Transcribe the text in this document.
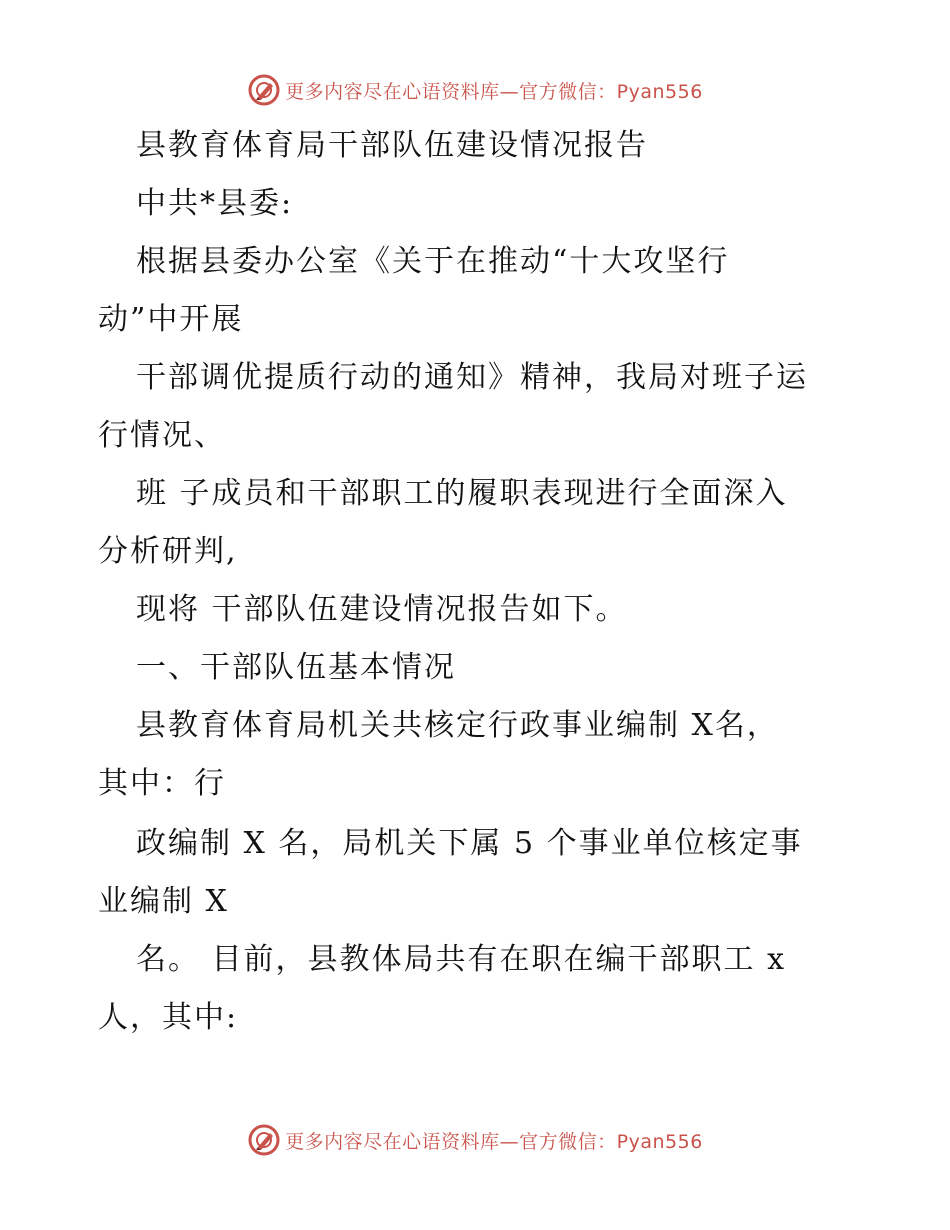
更多内容尽在心语资料库—官方微信：Pyan556
县教育体育局干部队伍建设情况报告
中共*县委:
根据县委办公室《关于在推动“十大攻坚行
动”中开展
干部调优提质行动的通知》精神，我局对班子运
行情况、
班 子成员和干部职工的履职表现进行全面深入
分析研判,
现将 干部队伍建设情况报告如下。
一、干部队伍基本情况
县教育体育局机关共核定行政事业编制 X名，
其中：行
政编制 X 名，局机关下属 5 个事业单位核定事
业编制 X
名。 目前，县教体局共有在职在编干部职工 x
人，其中:
更多内容尽在心语资料库—官方微信：Pyan556
